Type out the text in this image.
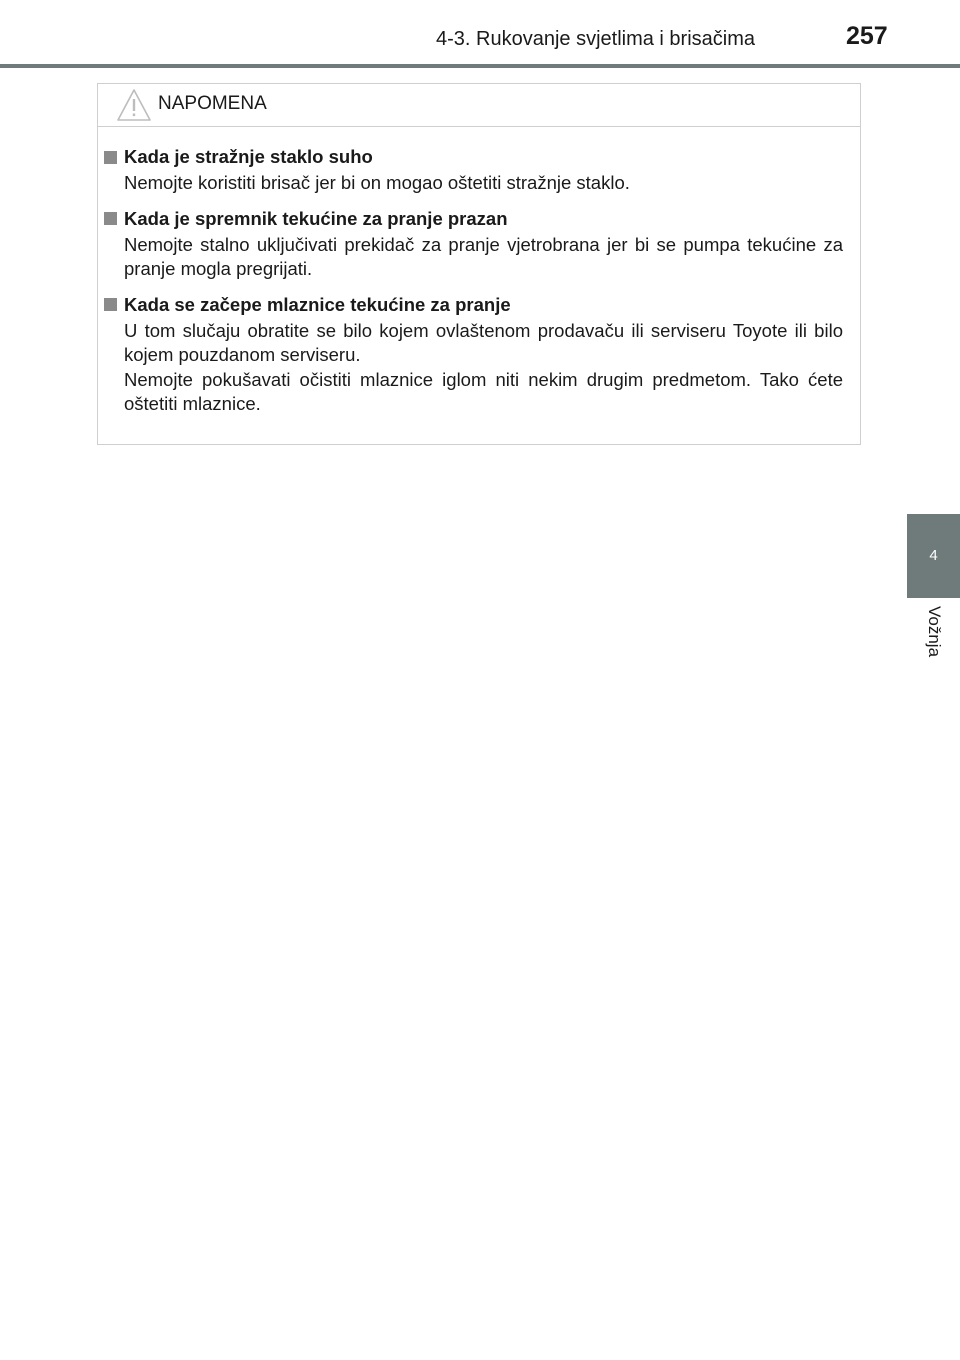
4-3. Rukovanje svjetlima i brisačima	257
4
Vožnja
NAPOMENA
Kada je stražnje staklo suho

Nemojte koristiti brisač jer bi on mogao oštetiti stražnje staklo.

Kada je spremnik tekućine za pranje prazan

Nemojte stalno uključivati prekidač za pranje vjetrobrana jer bi se pumpa tekućine za pranje mogla pregrijati.

Kada se začepe mlaznice tekućine za pranje

U tom slučaju obratite se bilo kojem ovlaštenom prodavaču ili serviseru Toyote ili bilo kojem pouzdanom serviseru.

Nemojte pokušavati očistiti mlaznice iglom niti nekim drugim predmetom. Tako ćete oštetiti mlaznice.
